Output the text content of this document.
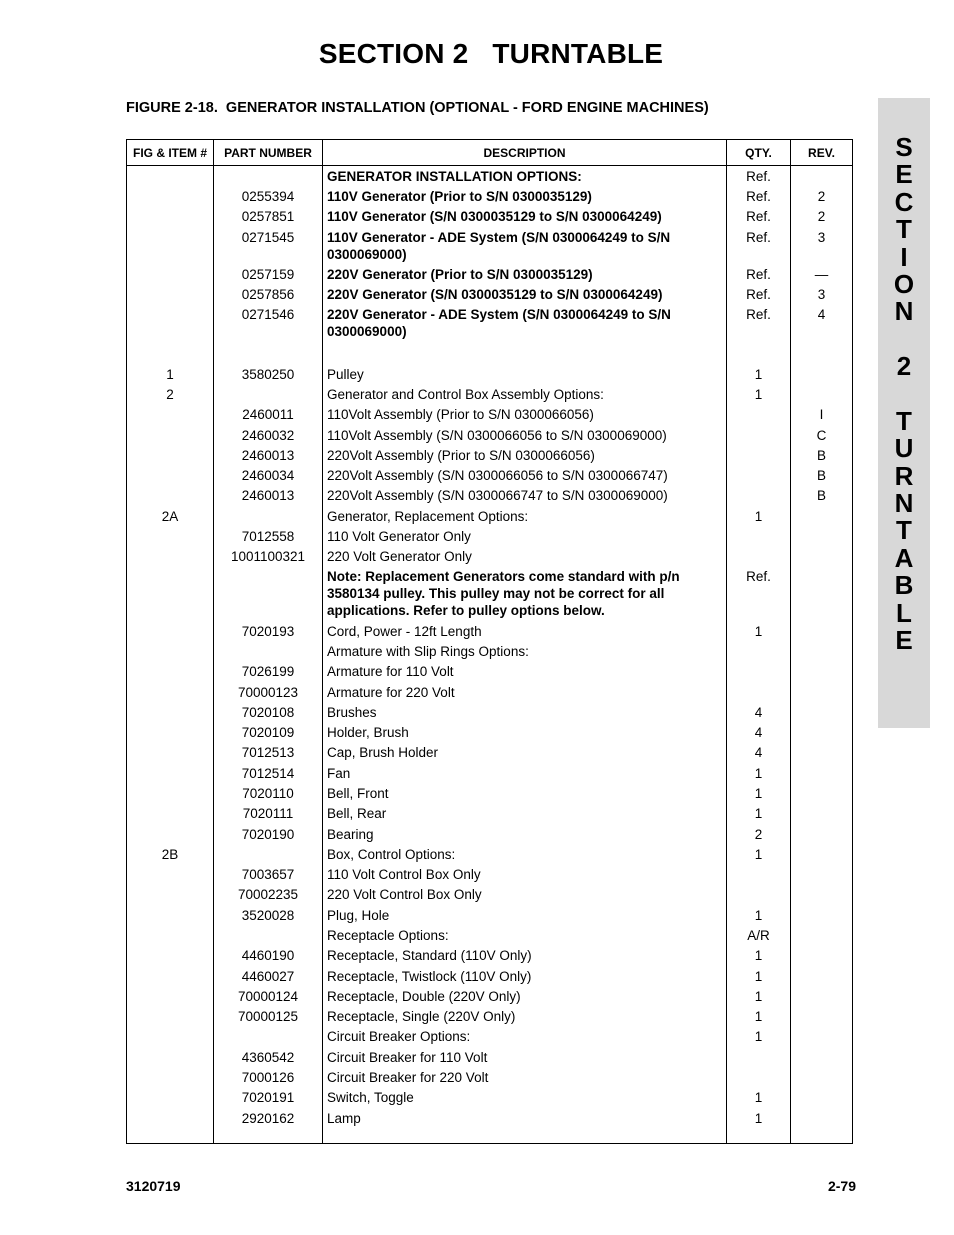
SECTION 2   TURNTABLE
FIGURE 2-18.  GENERATOR INSTALLATION (OPTIONAL - FORD ENGINE MACHINES)
S
E
C
T
I
O
N
2
T
U
R
N
T
A
B
L
E
FIG & ITEM #	PART NUMBER	DESCRIPTION	QTY.	REV.
		GENERATOR INSTALLATION OPTIONS:	Ref.	
	0255394	110V Generator (Prior to S/N 0300035129)	Ref.	2
	0257851	110V Generator (S/N 0300035129 to S/N 0300064249)	Ref.	2
	0271545	110V Generator - ADE System (S/N 0300064249 to S/N 0300069000)	Ref.	3
	0257159	220V Generator (Prior to S/N 0300035129)	Ref.	—
	0257856	220V Generator (S/N 0300035129 to S/N 0300064249)	Ref.	3
	0271546	220V Generator - ADE System (S/N 0300064249 to S/N 0300069000)	Ref.	4

1	3580250	Pulley	1	
2		Generator and Control Box Assembly Options:	1	
	2460011	110Volt Assembly (Prior to S/N 0300066056)		I
	2460032	110Volt Assembly (S/N 0300066056 to S/N 0300069000)		C
	2460013	220Volt Assembly (Prior to S/N 0300066056)		B
	2460034	220Volt Assembly (S/N 0300066056 to S/N 0300066747)		B
	2460013	220Volt Assembly (S/N 0300066747 to S/N 0300069000)		B
2A		Generator, Replacement Options:	1	
	7012558	110 Volt Generator Only		
	1001100321	220 Volt Generator Only		
		Note: Replacement Generators come standard with p/n 3580134 pulley. This pulley may not be correct for all applications. Refer to pulley options below.	Ref.	
	7020193	Cord, Power - 12ft Length	1	
		Armature with Slip Rings Options:		
	7026199	Armature for 110 Volt		
	70000123	Armature for 220 Volt		
	7020108	Brushes	4	
	7020109	Holder, Brush	4	
	7012513	Cap, Brush Holder	4	
	7012514	Fan	1	
	7020110	Bell, Front	1	
	7020111	Bell, Rear	1	
	7020190	Bearing	2	
2B		Box, Control Options:	1	
	7003657	110 Volt Control Box Only		
	70002235	220 Volt Control Box Only		
	3520028	Plug, Hole	1	
		Receptacle Options:	A/R	
	4460190	Receptacle, Standard (110V Only)	1	
	4460027	Receptacle, Twistlock (110V Only)	1	
	70000124	Receptacle, Double (220V Only)	1	
	70000125	Receptacle, Single (220V Only)	1	
		Circuit Breaker Options:	1	
	4360542	Circuit Breaker for 110 Volt		
	7000126	Circuit Breaker for 220 Volt		
	7020191	Switch, Toggle	1	
	2920162	Lamp	1	

3120719	2-79
